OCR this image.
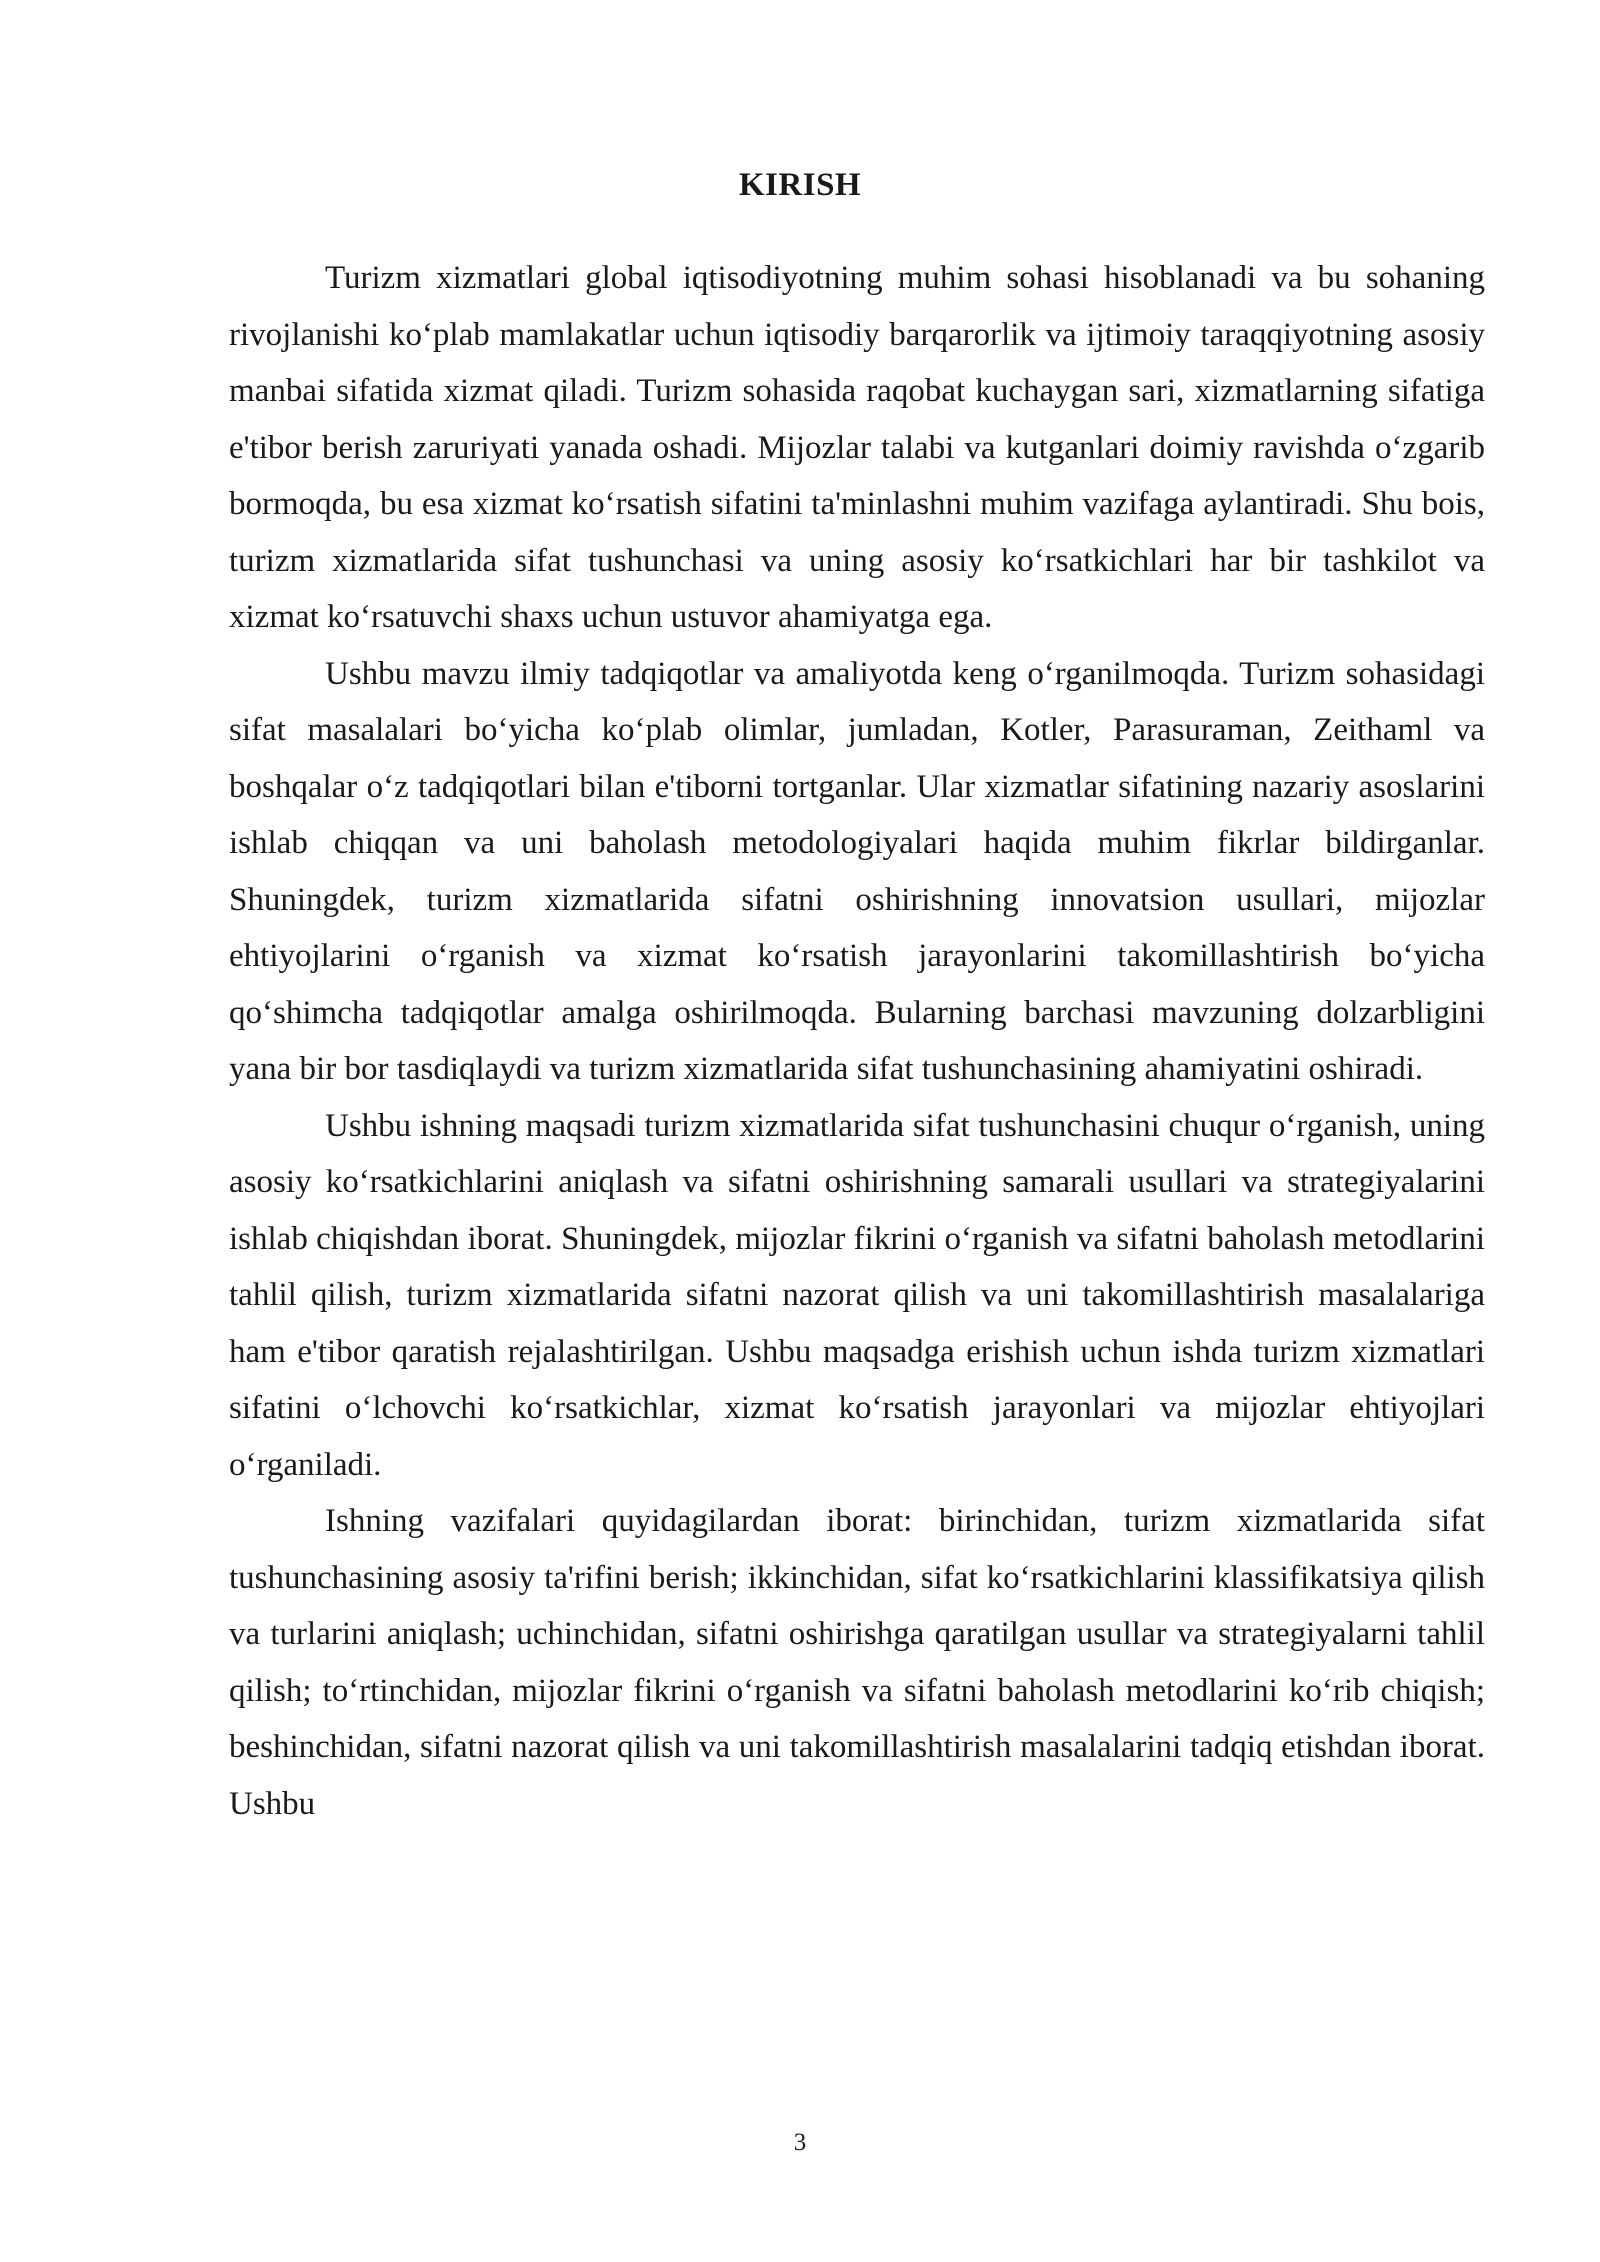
KIRISH

Turizm xizmatlari global iqtisodiyotning muhim sohasi hisoblanadi va bu sohaning rivojlanishi ko‘plab mamlakatlar uchun iqtisodiy barqarorlik va ijtimoiy taraqqiyotning asosiy manbai sifatida xizmat qiladi. Turizm sohasida raqobat kuchaygan sari, xizmatlarning sifatiga e'tibor berish zaruriyati yanada oshadi. Mijozlar talabi va kutganlari doimiy ravishda o‘zgarib bormoqda, bu esa xizmat ko‘rsatish sifatini ta'minlashni muhim vazifaga aylantiradi. Shu bois, turizm xizmatlarida sifat tushunchasi va uning asosiy ko‘rsatkichlari har bir tashkilot va xizmat ko‘rsatuvchi shaxs uchun ustuvor ahamiyatga ega.

Ushbu mavzu ilmiy tadqiqotlar va amaliyotda keng o‘rganilmoqda. Turizm sohasidagi sifat masalalari bo‘yicha ko‘plab olimlar, jumladan, Kotler, Parasuraman, Zeithaml va boshqalar o‘z tadqiqotlari bilan e'tiborni tortganlar. Ular xizmatlar sifatining nazariy asoslarini ishlab chiqqan va uni baholash metodologiyalari haqida muhim fikrlar bildirganlar. Shuningdek, turizm xizmatlarida sifatni oshirishning innovatsion usullari, mijozlar ehtiyojlarini o‘rganish va xizmat ko‘rsatish jarayonlarini takomillashtirish bo‘yicha qo‘shimcha tadqiqotlar amalga oshirilmoqda. Bularning barchasi mavzuning dolzarbligini yana bir bor tasdiqlaydi va turizm xizmatlarida sifat tushunchasining ahamiyatini oshiradi.

Ushbu ishning maqsadi turizm xizmatlarida sifat tushunchasini chuqur o‘rganish, uning asosiy ko‘rsatkichlarini aniqlash va sifatni oshirishning samarali usullari va strategiyalarini ishlab chiqishdan iborat. Shuningdek, mijozlar fikrini o‘rganish va sifatni baholash metodlarini tahlil qilish, turizm xizmatlarida sifatni nazorat qilish va uni takomillashtirish masalalariga ham e'tibor qaratish rejalashtirilgan. Ushbu maqsadga erishish uchun ishda turizm xizmatlari sifatini o‘lchovchi ko‘rsatkichlar, xizmat ko‘rsatish jarayonlari va mijozlar ehtiyojlari o‘rganiladi.

Ishning vazifalari quyidagilardan iborat: birinchidan, turizm xizmatlarida sifat tushunchasining asosiy ta'rifini berish; ikkinchidan, sifat ko‘rsatkichlarini klassifikatsiya qilish va turlarini aniqlash; uchinchidan, sifatni oshirishga qaratilgan usullar va strategiyalarni tahlil qilish; to‘rtinchidan, mijozlar fikrini o‘rganish va sifatni baholash metodlarini ko‘rib chiqish; beshinchidan, sifatni nazorat qilish va uni takomillashtirish masalalarini tadqiq etishdan iborat. Ushbu

3
